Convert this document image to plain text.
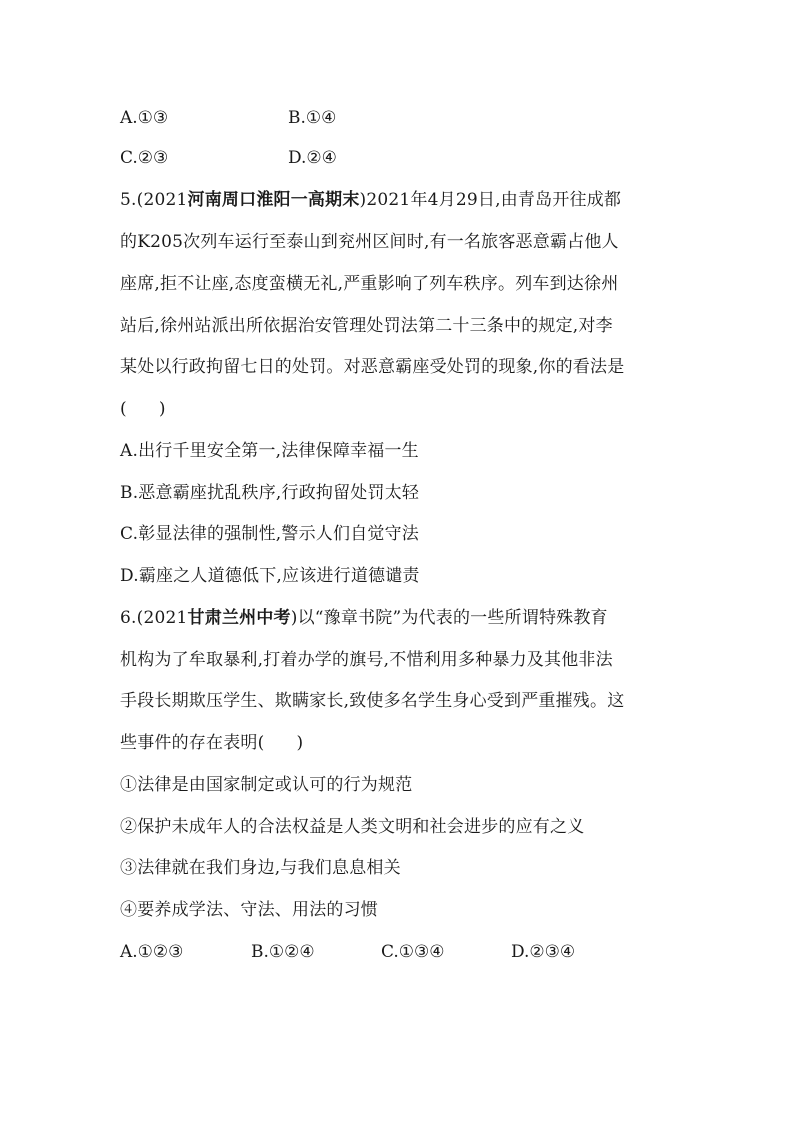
A.①③	B.①④
C.②③	D.②④
5.(2021河南周口淮阳一高期末)2021年4月29日,由青岛开往成都
的K205次列车运行至泰山到兖州区间时,有一名旅客恶意霸占他人
座席,拒不让座,态度蛮横无礼,严重影响了列车秩序。列车到达徐州
站后,徐州站派出所依据治安管理处罚法第二十三条中的规定,对李
某处以行政拘留七日的处罚。对恶意霸座受处罚的现象,你的看法是
( )
A.出行千里安全第一,法律保障幸福一生
B.恶意霸座扰乱秩序,行政拘留处罚太轻
C.彰显法律的强制性,警示人们自觉守法
D.霸座之人道德低下,应该进行道德谴责
6.(2021甘肃兰州中考)以“豫章书院”为代表的一些所谓特殊教育
机构为了牟取暴利,打着办学的旗号,不惜利用多种暴力及其他非法
手段长期欺压学生、欺瞒家长,致使多名学生身心受到严重摧残。这
些事件的存在表明( )
①法律是由国家制定或认可的行为规范
②保护未成年人的合法权益是人类文明和社会进步的应有之义
③法律就在我们身边,与我们息息相关
④要养成学法、守法、用法的习惯
A.①②③	B.①②④	C.①③④	D.②③④
